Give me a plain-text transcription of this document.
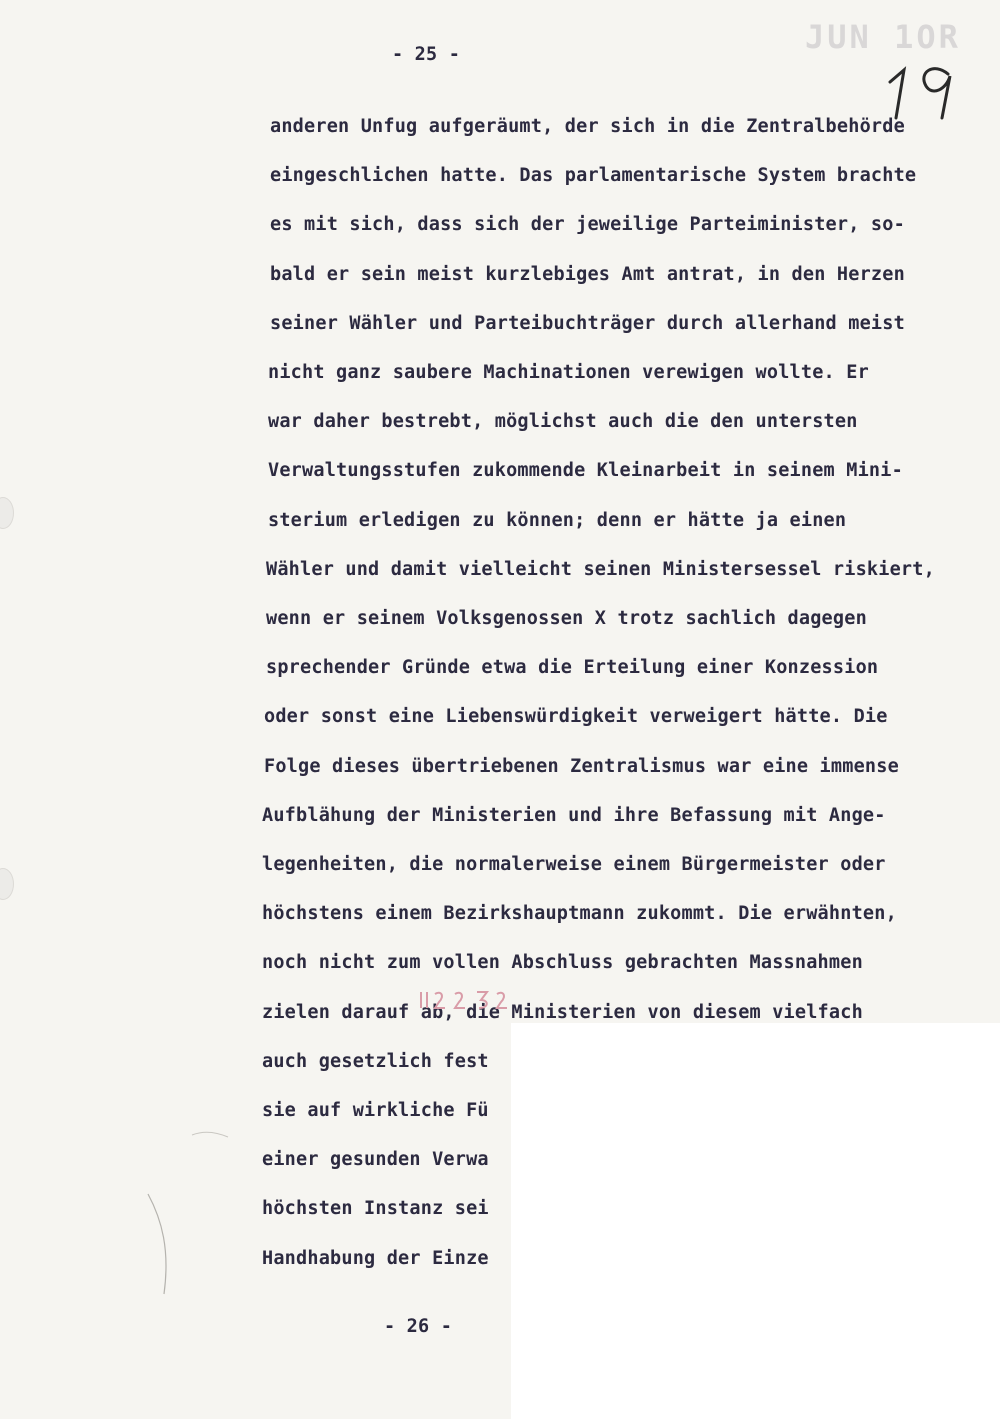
JUN 1OR
- 25 -
anderen Unfug aufgeräumt, der sich in die Zentralbehörde
eingeschlichen hatte. Das parlamentarische System brachte
es mit sich, dass sich der jeweilige Parteiminister, so-
bald er sein meist kurzlebiges Amt antrat, in den Herzen
seiner Wähler und Parteibuchträger durch allerhand meist
nicht ganz saubere Machinationen verewigen wollte. Er
war daher bestrebt, möglichst auch die den untersten
Verwaltungsstufen zukommende Kleinarbeit in seinem Mini-
sterium erledigen zu können; denn er hätte ja einen
Wähler und damit vielleicht seinen Ministersessel riskiert,
wenn er seinem Volksgenossen X trotz sachlich dagegen
sprechender Gründe etwa die Erteilung einer Konzession
oder sonst eine Liebenswürdigkeit verweigert hätte. Die
Folge dieses übertriebenen Zentralismus war eine immense
Aufblähung der Ministerien und ihre Befassung mit Ange-
legenheiten, die normalerweise einem Bürgermeister oder
höchstens einem Bezirkshauptmann zukommt. Die erwähnten,
noch nicht zum vollen Abschluss gebrachten Massnahmen
zielen darauf ab, die Ministerien von diesem vielfach
auch gesetzlich fest
sie auf wirkliche Fü
einer gesunden Verwa
höchsten Instanz sei
Handhabung der Einze
- 26 -
